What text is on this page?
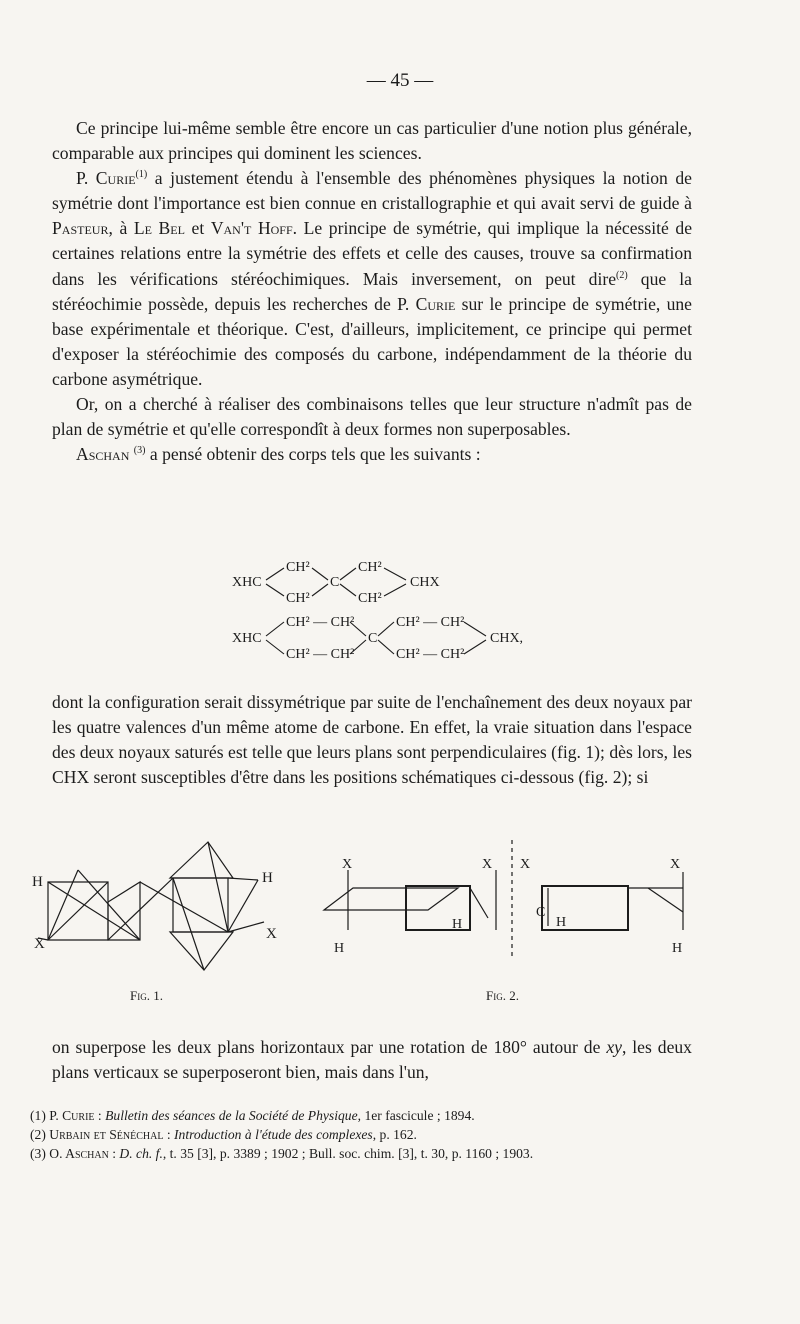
— 45 —

Ce principe lui-même semble être encore un cas particulier d'une notion plus générale, comparable aux principes qui dominent les sciences.

P. Curie$^{(1)}$ a justement étendu à l'ensemble des phénomènes physiques la notion de symétrie dont l'importance est bien connue en cristallographie et qui avait servi de guide à Pasteur, à Le Bel et Van't Hoff. Le principe de symétrie, qui implique la nécessité de certaines relations entre la symétrie des effets et celle des causes, trouve sa confirmation dans les vérifications stéréochimiques. Mais inversement, on peut dire$^{(2)}$ que la stéréochimie possède, depuis les recherches de P. Curie sur le principe de symétrie, une base expérimentale et théorique. C'est, d'ailleurs, implicitement, ce principe qui permet d'exposer la stéréochimie des composés du carbone, indépendamment de la théorie du carbone asymétrique.

Or, on a cherché à réaliser des combinaisons telles que leur structure n'admît pas de plan de symétrie et qu'elle correspondît à deux formes non superposables.

Aschan $^{(3)}$ a pensé obtenir des corps tels que les suivants :

XHC
CH²
CH²
C
CH²
CH²
CHX
XHC
CH² — CH²
CH² — CH²
C
CH² — CH²
CH² — CH²
CHX,

dont la configuration serait dissymétrique par suite de l'enchaînement des deux noyaux par les quatre valences d'un même atome de carbone. En effet, la vraie situation dans l'espace des deux noyaux saturés est telle que leurs plans sont perpendiculaires (fig. 1); dès lors, les CHX seront susceptibles d'être dans les positions schématiques ci-dessous (fig. 2); si

H	H
X
X
X	X X	X
H
H	H
H
C
Fig. 1.	Fig. 2.

on superpose les deux plans horizontaux par une rotation de 180° autour de xy, les deux plans verticaux se superposeront bien, mais dans l'un,

(1) P. Curie : Bulletin des séances de la Société de Physique, 1er fascicule ; 1894.

(2) Urbain et Sénéchal : Introduction à l'étude des complexes, p. 162.

(3) O. Aschan : D. ch. f., t. 35 [3], p. 3389 ; 1902 ; Bull. soc. chim. [3], t. 30, p. 1160 ; 1903.
